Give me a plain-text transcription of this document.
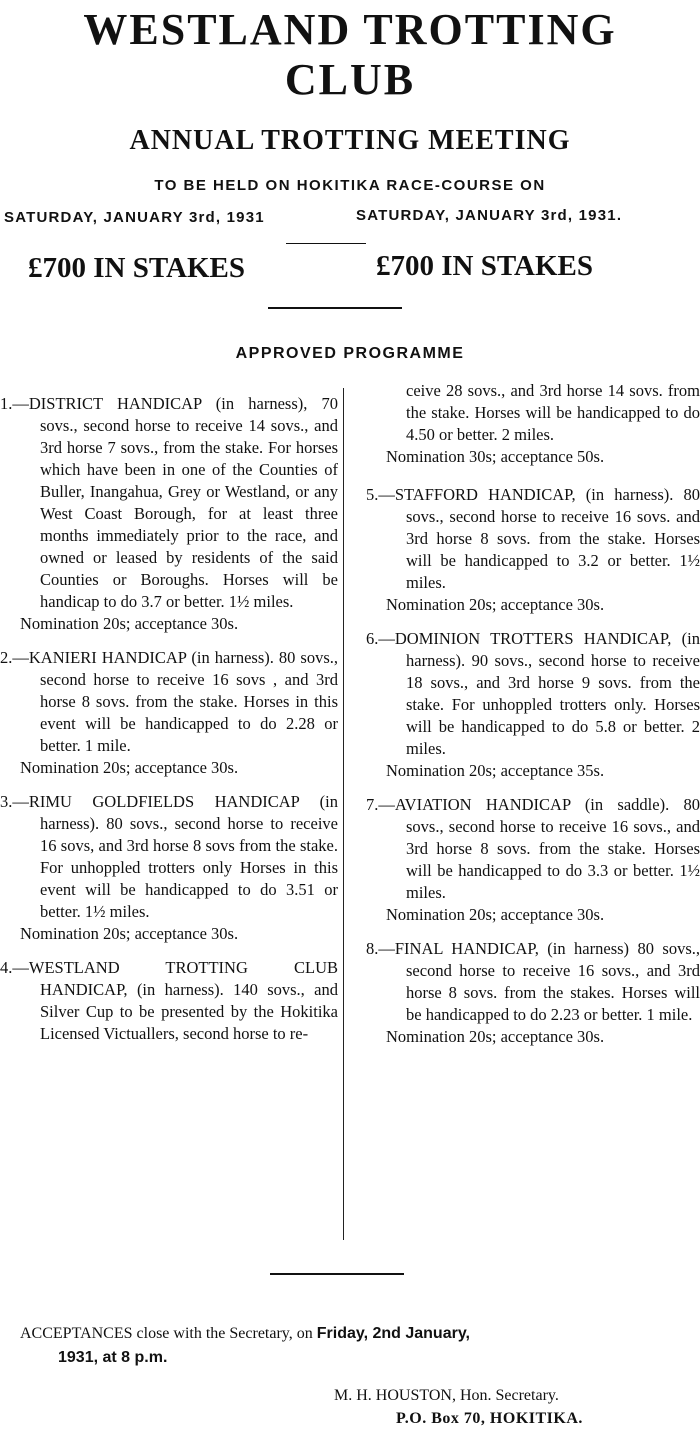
WESTLAND TROTTING
CLUB
ANNUAL TROTTING MEETING
TO BE HELD ON HOKITIKA RACE-COURSE ON
SATURDAY, JANUARY 3rd, 1931	SATURDAY, JANUARY 3rd, 1931.
£700 IN STAKES	£700 IN STAKES
APPROVED PROGRAMME

1.—DISTRICT HANDICAP (in harness), 70 sovs., second horse to receive 14 sovs., and 3rd horse 7 sovs., from the stake. For horses which have been in one of the Counties of Buller, Inangahua, Grey or Westland, or any West Coast Borough, for at least three months immediately prior to the race, and owned or leased by residents of the said Counties or Boroughs. Horses will be handicap to do 3.7 or better. 1½ miles.

Nomination 20s; acceptance 30s.

2.—KANIERI HANDICAP (in harness). 80 sovs., second horse to receive 16 sovs , and 3rd horse 8 sovs. from the stake. Horses in this event will be handicapped to do 2.28 or better. 1 mile.

Nomination 20s; acceptance 30s.

3.—RIMU GOLDFIELDS HANDICAP (in harness). 80 sovs., second horse to receive 16 sovs, and 3rd horse 8 sovs from the stake. For unhoppled trotters only Horses in this event will be handicapped to do 3.51 or better. 1½ miles.

Nomination 20s; acceptance 30s.

4.—WESTLAND TROTTING CLUB HANDICAP, (in harness). 140 sovs., and Silver Cup to be presented by the Hokitika Licensed Victuallers, second horse to re-

ceive 28 sovs., and 3rd horse 14 sovs. from the stake. Horses will be handicapped to do 4.50 or better. 2 miles.

Nomination 30s; acceptance 50s.

5.—STAFFORD HANDICAP, (in harness). 80 sovs., second horse to receive 16 sovs. and 3rd horse 8 sovs. from the stake. Horses will be handicapped to 3.2 or better. 1½ miles.

Nomination 20s; acceptance 30s.

6.—DOMINION TROTTERS HANDICAP, (in harness). 90 sovs., second horse to receive 18 sovs., and 3rd horse 9 sovs. from the stake. For unhoppled trotters only. Horses will be handicapped to do 5.8 or better. 2 miles.

Nomination 20s; acceptance 35s.

7.—AVIATION HANDICAP (in saddle). 80 sovs., second horse to receive 16 sovs., and 3rd horse 8 sovs. from the stake. Horses will be handicapped to do 3.3 or better. 1½ miles.

Nomination 20s; acceptance 30s.

8.—FINAL HANDICAP, (in harness) 80 sovs., second horse to receive 16 sovs., and 3rd horse 8 sovs. from the stakes. Horses will be handicapped to do 2.23 or better. 1 mile.

Nomination 20s; acceptance 30s.

ACCEPTANCES close with the Secretary, on Friday, 2nd January,
1931, at 8 p.m.
M. H. HOUSTON, Hon. Secretary.
P.O. Box 70, HOKITIKA.
